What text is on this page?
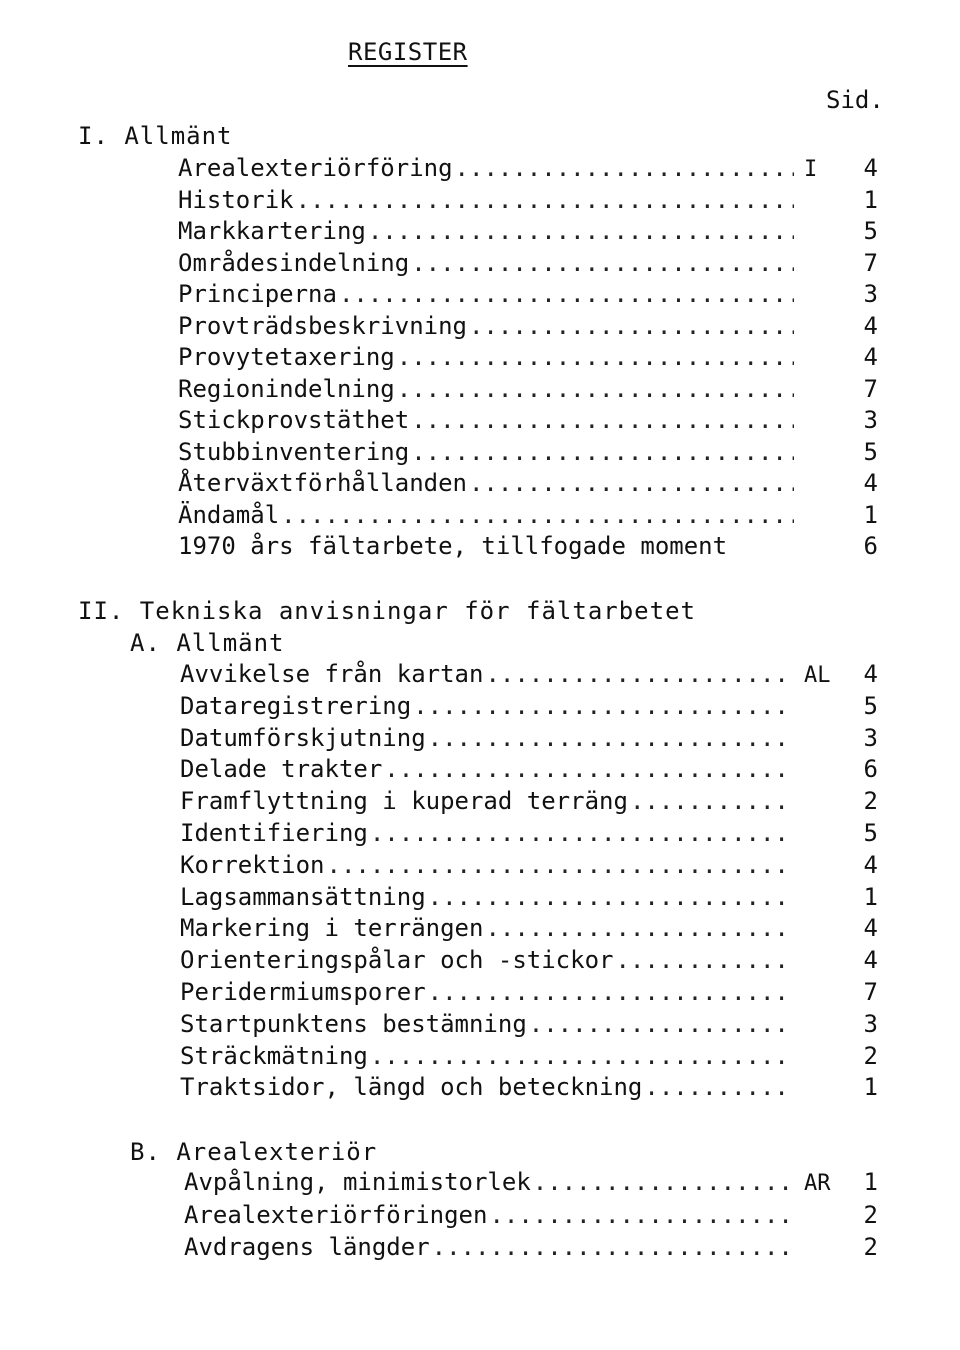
REGISTER
Sid.
I. Allmänt
Arealexteriörföring .....	I	4
Historik .....	1
Markkartering .....	5
Områdesindelning .....	7
Principerna .....	3
Provträdsbeskrivning .....	4
Provytetaxering .....	4
Regionindelning .....	7
Stickprovstäthet .....	3
Stubbinventering .....	5
Återväxtförhållanden .....	4
Ändamål .....	1
1970 års fältarbete, tillfogade moment	6
II. Tekniska anvisningar för fältarbetet
A. Allmänt
Avvikelse från kartan .....	AL	4
Dataregistrering .....	5
Datumförskjutning .....	3
Delade trakter .....	6
Framflyttning i kuperad terräng .....	2
Identifiering .....	5
Korrektion .....	4
Lagsammansättning .....	1
Markering i terrängen .....	4
Orienteringspålar och -stickor .....	4
Peridermiumsporer .....	7
Startpunktens bestämning .....	3
Sträckmätning .....	2
Traktsidor, längd och beteckning .....	1
B. Arealexteriör
Avpålning, minimistorlek .....	AR	1
Arealexteriörföringen .....	2
Avdragens längder .....	2
